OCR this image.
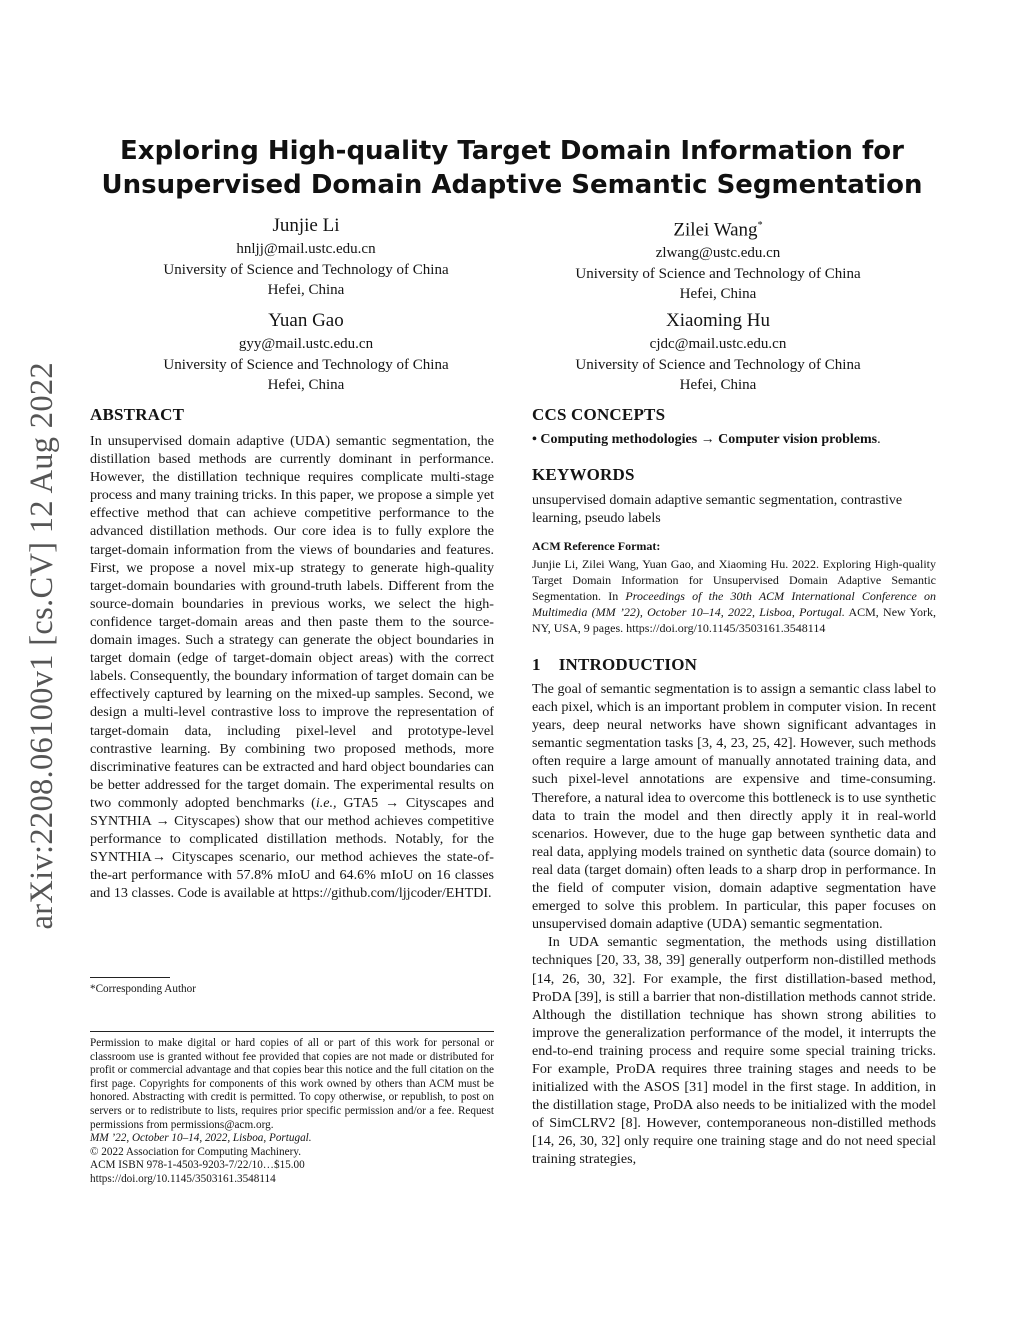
arXiv:2208.06100v1 [cs.CV] 12 Aug 2022
Exploring High-quality Target Domain Information for
Unsupervised Domain Adaptive Semantic Segmentation
Junjie Li
hnljj@mail.ustc.edu.cn
University of Science and Technology of China
Hefei, China
Zilei Wang*
zlwang@ustc.edu.cn
University of Science and Technology of China
Hefei, China
Yuan Gao
gyy@mail.ustc.edu.cn
University of Science and Technology of China
Hefei, China
Xiaoming Hu
cjdc@mail.ustc.edu.cn
University of Science and Technology of China
Hefei, China
ABSTRACT

In unsupervised domain adaptive (UDA) semantic segmentation, the distillation based methods are currently dominant in performance. However, the distillation technique requires complicate multi-stage process and many training tricks. In this paper, we propose a simple yet effective method that can achieve competitive performance to the advanced distillation methods. Our core idea is to fully explore the target-domain information from the views of boundaries and features. First, we propose a novel mix-up strategy to generate high-quality target-domain boundaries with ground-truth labels. Different from the source-domain boundaries in previous works, we select the high-confidence target-domain areas and then paste them to the source-domain images. Such a strategy can generate the object boundaries in target domain (edge of target-domain object areas) with the correct labels. Consequently, the boundary information of target domain can be effectively captured by learning on the mixed-up samples. Second, we design a multi-level contrastive loss to improve the representation of target-domain data, including pixel-level and prototype-level contrastive learning. By combining two proposed methods, more discriminative features can be extracted and hard object boundaries can be better addressed for the target domain. The experimental results on two commonly adopted benchmarks (i.e., GTA5 → Cityscapes and SYNTHIA → Cityscapes) show that our method achieves competitive performance to complicated distillation methods. Notably, for the SYNTHIA→ Cityscapes scenario, our method achieves the state-of-the-art performance with 57.8% mIoU and 64.6% mIoU on 16 classes and 13 classes. Code is available at https://github.com/ljjcoder/EHTDI.

*Corresponding Author
Permission to make digital or hard copies of all or part of this work for personal or classroom use is granted without fee provided that copies are not made or distributed for profit or commercial advantage and that copies bear this notice and the full citation on the first page. Copyrights for components of this work owned by others than ACM must be honored. Abstracting with credit is permitted. To copy otherwise, or republish, to post on servers or to redistribute to lists, requires prior specific permission and/or a fee. Request permissions from permissions@acm.org.
MM ’22, October 10–14, 2022, Lisboa, Portugal.
© 2022 Association for Computing Machinery.
ACM ISBN 978-1-4503-9203-7/22/10…$15.00
https://doi.org/10.1145/3503161.3548114
CCS CONCEPTS
• Computing methodologies → Computer vision problems.
KEYWORDS

unsupervised domain adaptive semantic segmentation, contrastive learning, pseudo labels

ACM Reference Format:

Junjie Li, Zilei Wang, Yuan Gao, and Xiaoming Hu. 2022. Exploring High-quality Target Domain Information for Unsupervised Domain Adaptive Semantic Segmentation. In Proceedings of the 30th ACM International Conference on Multimedia (MM ’22), October 10–14, 2022, Lisboa, Portugal. ACM, New York, NY, USA, 9 pages. https://doi.org/10.1145/3503161.3548114

1 INTRODUCTION

The goal of semantic segmentation is to assign a semantic class label to each pixel, which is an important problem in computer vision. In recent years, deep neural networks have shown significant advantages in semantic segmentation tasks [3, 4, 23, 25, 42]. However, such methods often require a large amount of manually annotated training data, and such pixel-level annotations are expensive and time-consuming. Therefore, a natural idea to overcome this bottleneck is to use synthetic data to train the model and then directly apply it in real-world scenarios. However, due to the huge gap between synthetic data and real data, applying models trained on synthetic data (source domain) to real data (target domain) often leads to a sharp drop in performance. In the field of computer vision, domain adaptive segmentation have emerged to solve this problem. In particular, this paper focuses on unsupervised domain adaptive (UDA) semantic segmentation.

In UDA semantic segmentation, the methods using distillation techniques [20, 33, 38, 39] generally outperform non-distilled methods [14, 26, 30, 32]. For example, the first distillation-based method, ProDA [39], is still a barrier that non-distillation methods cannot stride. Although the distillation technique has shown strong abilities to improve the generalization performance of the model, it interrupts the end-to-end training process and require some special training tricks. For example, ProDA requires three training stages and needs to be initialized with the ASOS [31] model in the first stage. In addition, in the distillation stage, ProDA also needs to be initialized with the model of SimCLRV2 [8]. However, contemporaneous non-distilled methods [14, 26, 30, 32] only require one training stage and do not need special training strategies,
